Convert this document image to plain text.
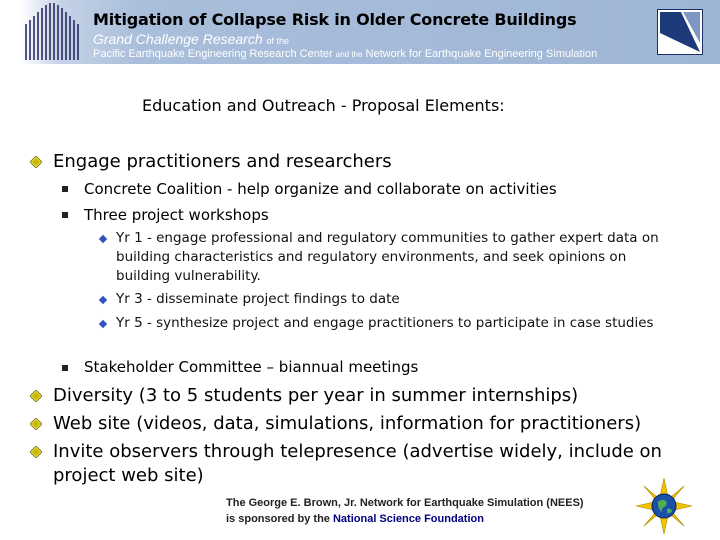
Mitigation of Collapse Risk in Older Concrete Buildings
Grand Challenge Research of the
Pacific Earthquake Engineering Research Center and the Network for Earthquake Engineering Simulation
Education and Outreach - Proposal Elements:
Engage practitioners and researchers
Concrete Coalition - help organize and collaborate on activities
Three project workshops
Yr 1 - engage professional and regulatory communities to gather expert data on building characteristics and regulatory environments, and seek opinions on building vulnerability.
Yr 3 - disseminate project findings to date
Yr 5 - synthesize project and engage practitioners to participate in case studies
Stakeholder Committee – biannual meetings
Diversity (3 to 5 students per year in summer internships)
Web site (videos, data, simulations, information for practitioners)
Invite observers through telepresence (advertise widely, include on project web site)
The George E. Brown, Jr. Network for Earthquake Simulation (NEES)
is sponsored by the National Science Foundation
